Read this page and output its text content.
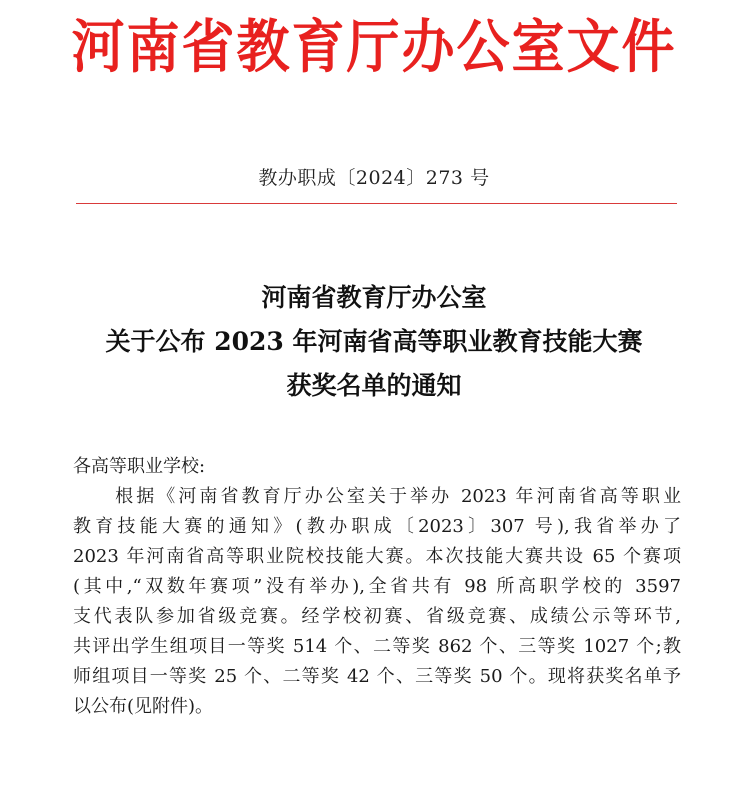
河南省教育厅办公室文件
教办职成〔2024〕273 号
河南省教育厅办公室
关于公布 2023 年河南省高等职业教育技能大赛
获奖名单的通知
各高等职业学校:
　　根据《河南省教育厅办公室关于举办 2023 年河南省高等职业
教育技能大赛的通知》(教办职成〔2023〕307 号),我省举办了
2023 年河南省高等职业院校技能大赛。本次技能大赛共设 65 个赛项
(其中,“双数年赛项”没有举办),全省共有 98 所高职学校的 3597
支代表队参加省级竞赛。经学校初赛、省级竞赛、成绩公示等环节,
共评出学生组项目一等奖 514 个、二等奖 862 个、三等奖 1027 个;教
师组项目一等奖 25 个、二等奖 42 个、三等奖 50 个。现将获奖名单予
以公布(见附件)。
